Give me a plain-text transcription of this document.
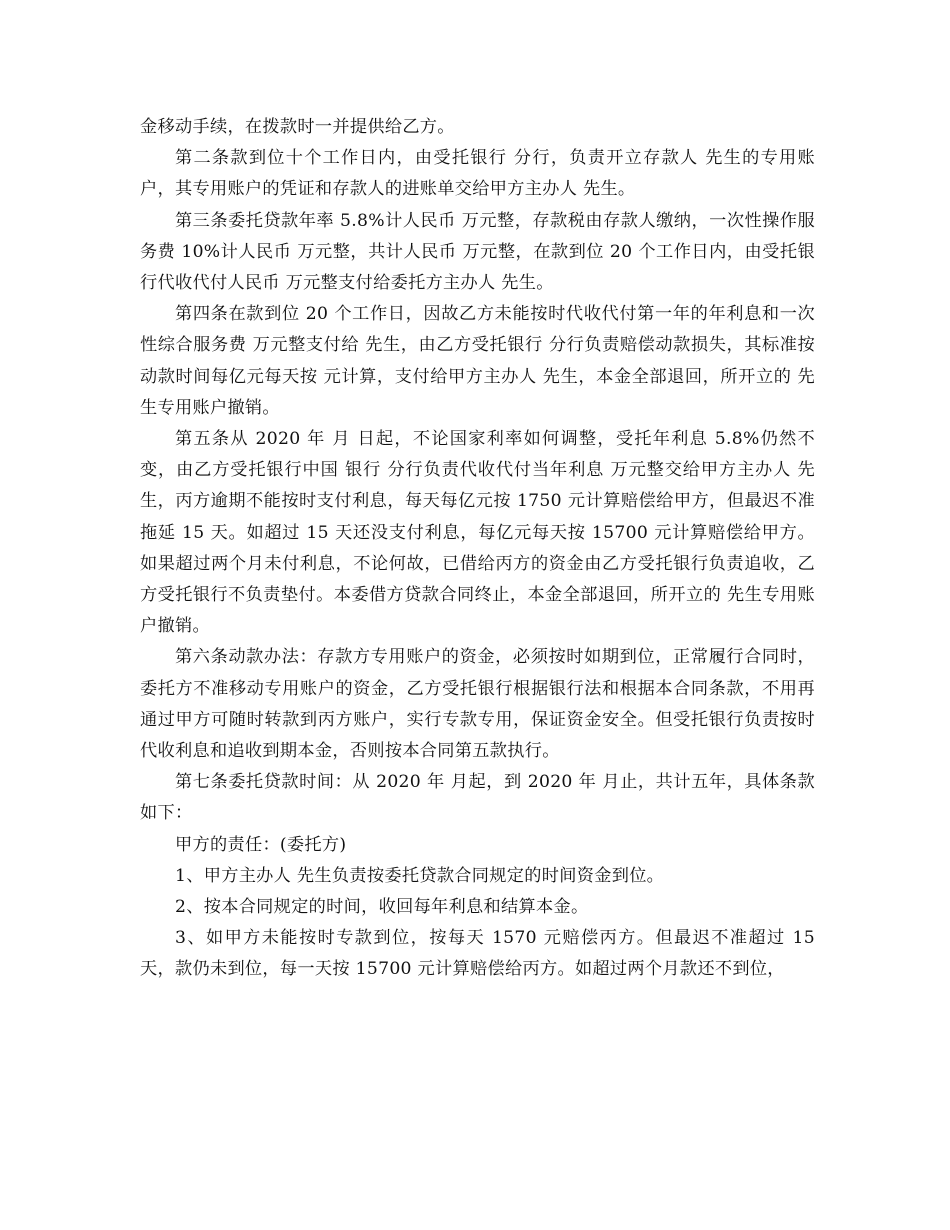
金移动手续，在拨款时一并提供给乙方。

第二条款到位十个工作日内，由受托银行 分行，负责开立存款人 先生的专用账户，其专用账户的凭证和存款人的进账单交给甲方主办人 先生。

第三条委托贷款年率 5.8%计人民币 万元整，存款税由存款人缴纳，一次性操作服务费 10%计人民币 万元整，共计人民币 万元整，在款到位 20 个工作日内，由受托银行代收代付人民币 万元整支付给委托方主办人 先生。

第四条在款到位 20 个工作日，因故乙方未能按时代收代付第一年的年利息和一次性综合服务费 万元整支付给 先生，由乙方受托银行 分行负责赔偿动款损失，其标准按动款时间每亿元每天按 元计算，支付给甲方主办人 先生，本金全部退回，所开立的 先生专用账户撤销。

第五条从 2020 年 月 日起，不论国家利率如何调整，受托年利息 5.8%仍然不变，由乙方受托银行中国 银行 分行负责代收代付当年利息 万元整交给甲方主办人 先生，丙方逾期不能按时支付利息，每天每亿元按 1750 元计算赔偿给甲方，但最迟不准拖延 15 天。如超过 15 天还没支付利息，每亿元每天按 15700 元计算赔偿给甲方。如果超过两个月未付利息，不论何故，已借给丙方的资金由乙方受托银行负责追收，乙方受托银行不负责垫付。本委借方贷款合同终止，本金全部退回，所开立的 先生专用账户撤销。

第六条动款办法：存款方专用账户的资金，必须按时如期到位，正常履行合同时，委托方不准移动专用账户的资金，乙方受托银行根据银行法和根据本合同条款，不用再通过甲方可随时转款到丙方账户，实行专款专用，保证资金安全。但受托银行负责按时代收利息和追收到期本金，否则按本合同第五款执行。

第七条委托贷款时间：从 2020 年 月起，到 2020 年 月止，共计五年，具体条款如下：

甲方的责任：(委托方)

1、甲方主办人 先生负责按委托贷款合同规定的时间资金到位。

2、按本合同规定的时间，收回每年利息和结算本金。

3、如甲方未能按时专款到位，按每天 1570 元赔偿丙方。但最迟不准超过 15 天，款仍未到位，每一天按 15700 元计算赔偿给丙方。如超过两个月款还不到位，
